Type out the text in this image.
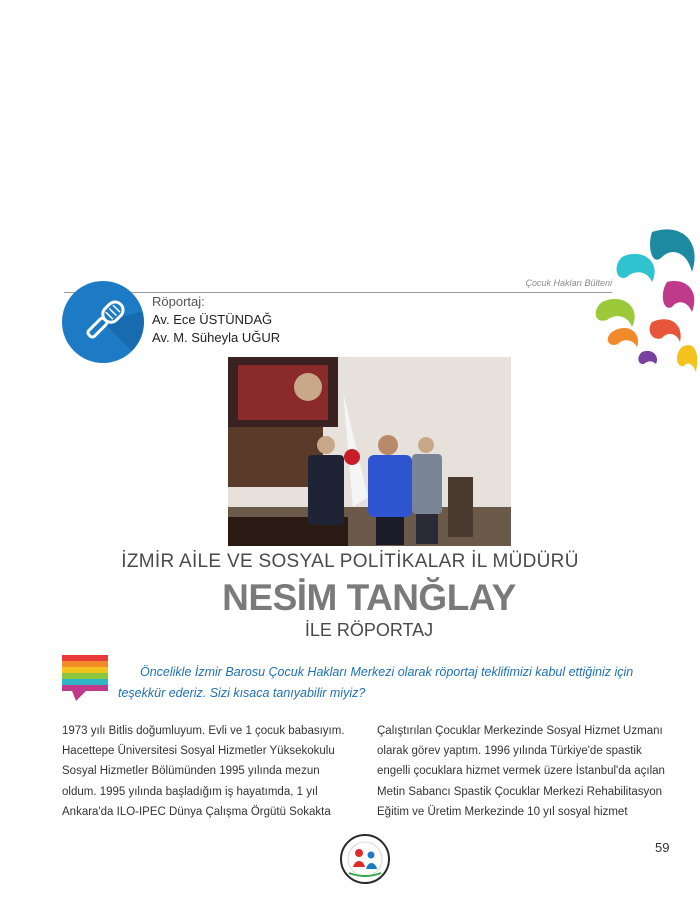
Çocuk Hakları Bülteni
Röportaj:
Av. Ece ÜSTÜNDAĞ
Av. M. Süheyla UĞUR
İZMİR AİLE VE SOSYAL POLİTİKALAR İL MÜDÜRÜ
NESİM TANĞLAY
İLE RÖPORTAJ
Öncelikle İzmir Barosu Çocuk Hakları Merkezi olarak röportaj teklifimizi kabul ettiğiniz için teşekkür ederiz. Sizi kısaca tanıyabilir miyiz?
1973 yılı Bitlis doğumluyum. Evli ve 1 çocuk babasıyım.
Hacettepe Üniversitesi Sosyal Hizmetler Yüksekokulu
Sosyal Hizmetler Bölümünden 1995 yılında mezun
oldum. 1995 yılında başladığım iş hayatımda, 1 yıl
Ankara'da ILO-IPEC Dünya Çalışma Örgütü Sokakta
Çalıştırılan Çocuklar Merkezinde Sosyal Hizmet Uzmanı
olarak görev yaptım. 1996 yılında Türkiye'de spastik
engelli çocuklara hizmet vermek üzere İstanbul'da açılan
Metin Sabancı Spastik Çocuklar Merkezi Rehabilitasyon
Eğitim ve Üretim Merkezinde 10 yıl sosyal hizmet
59
